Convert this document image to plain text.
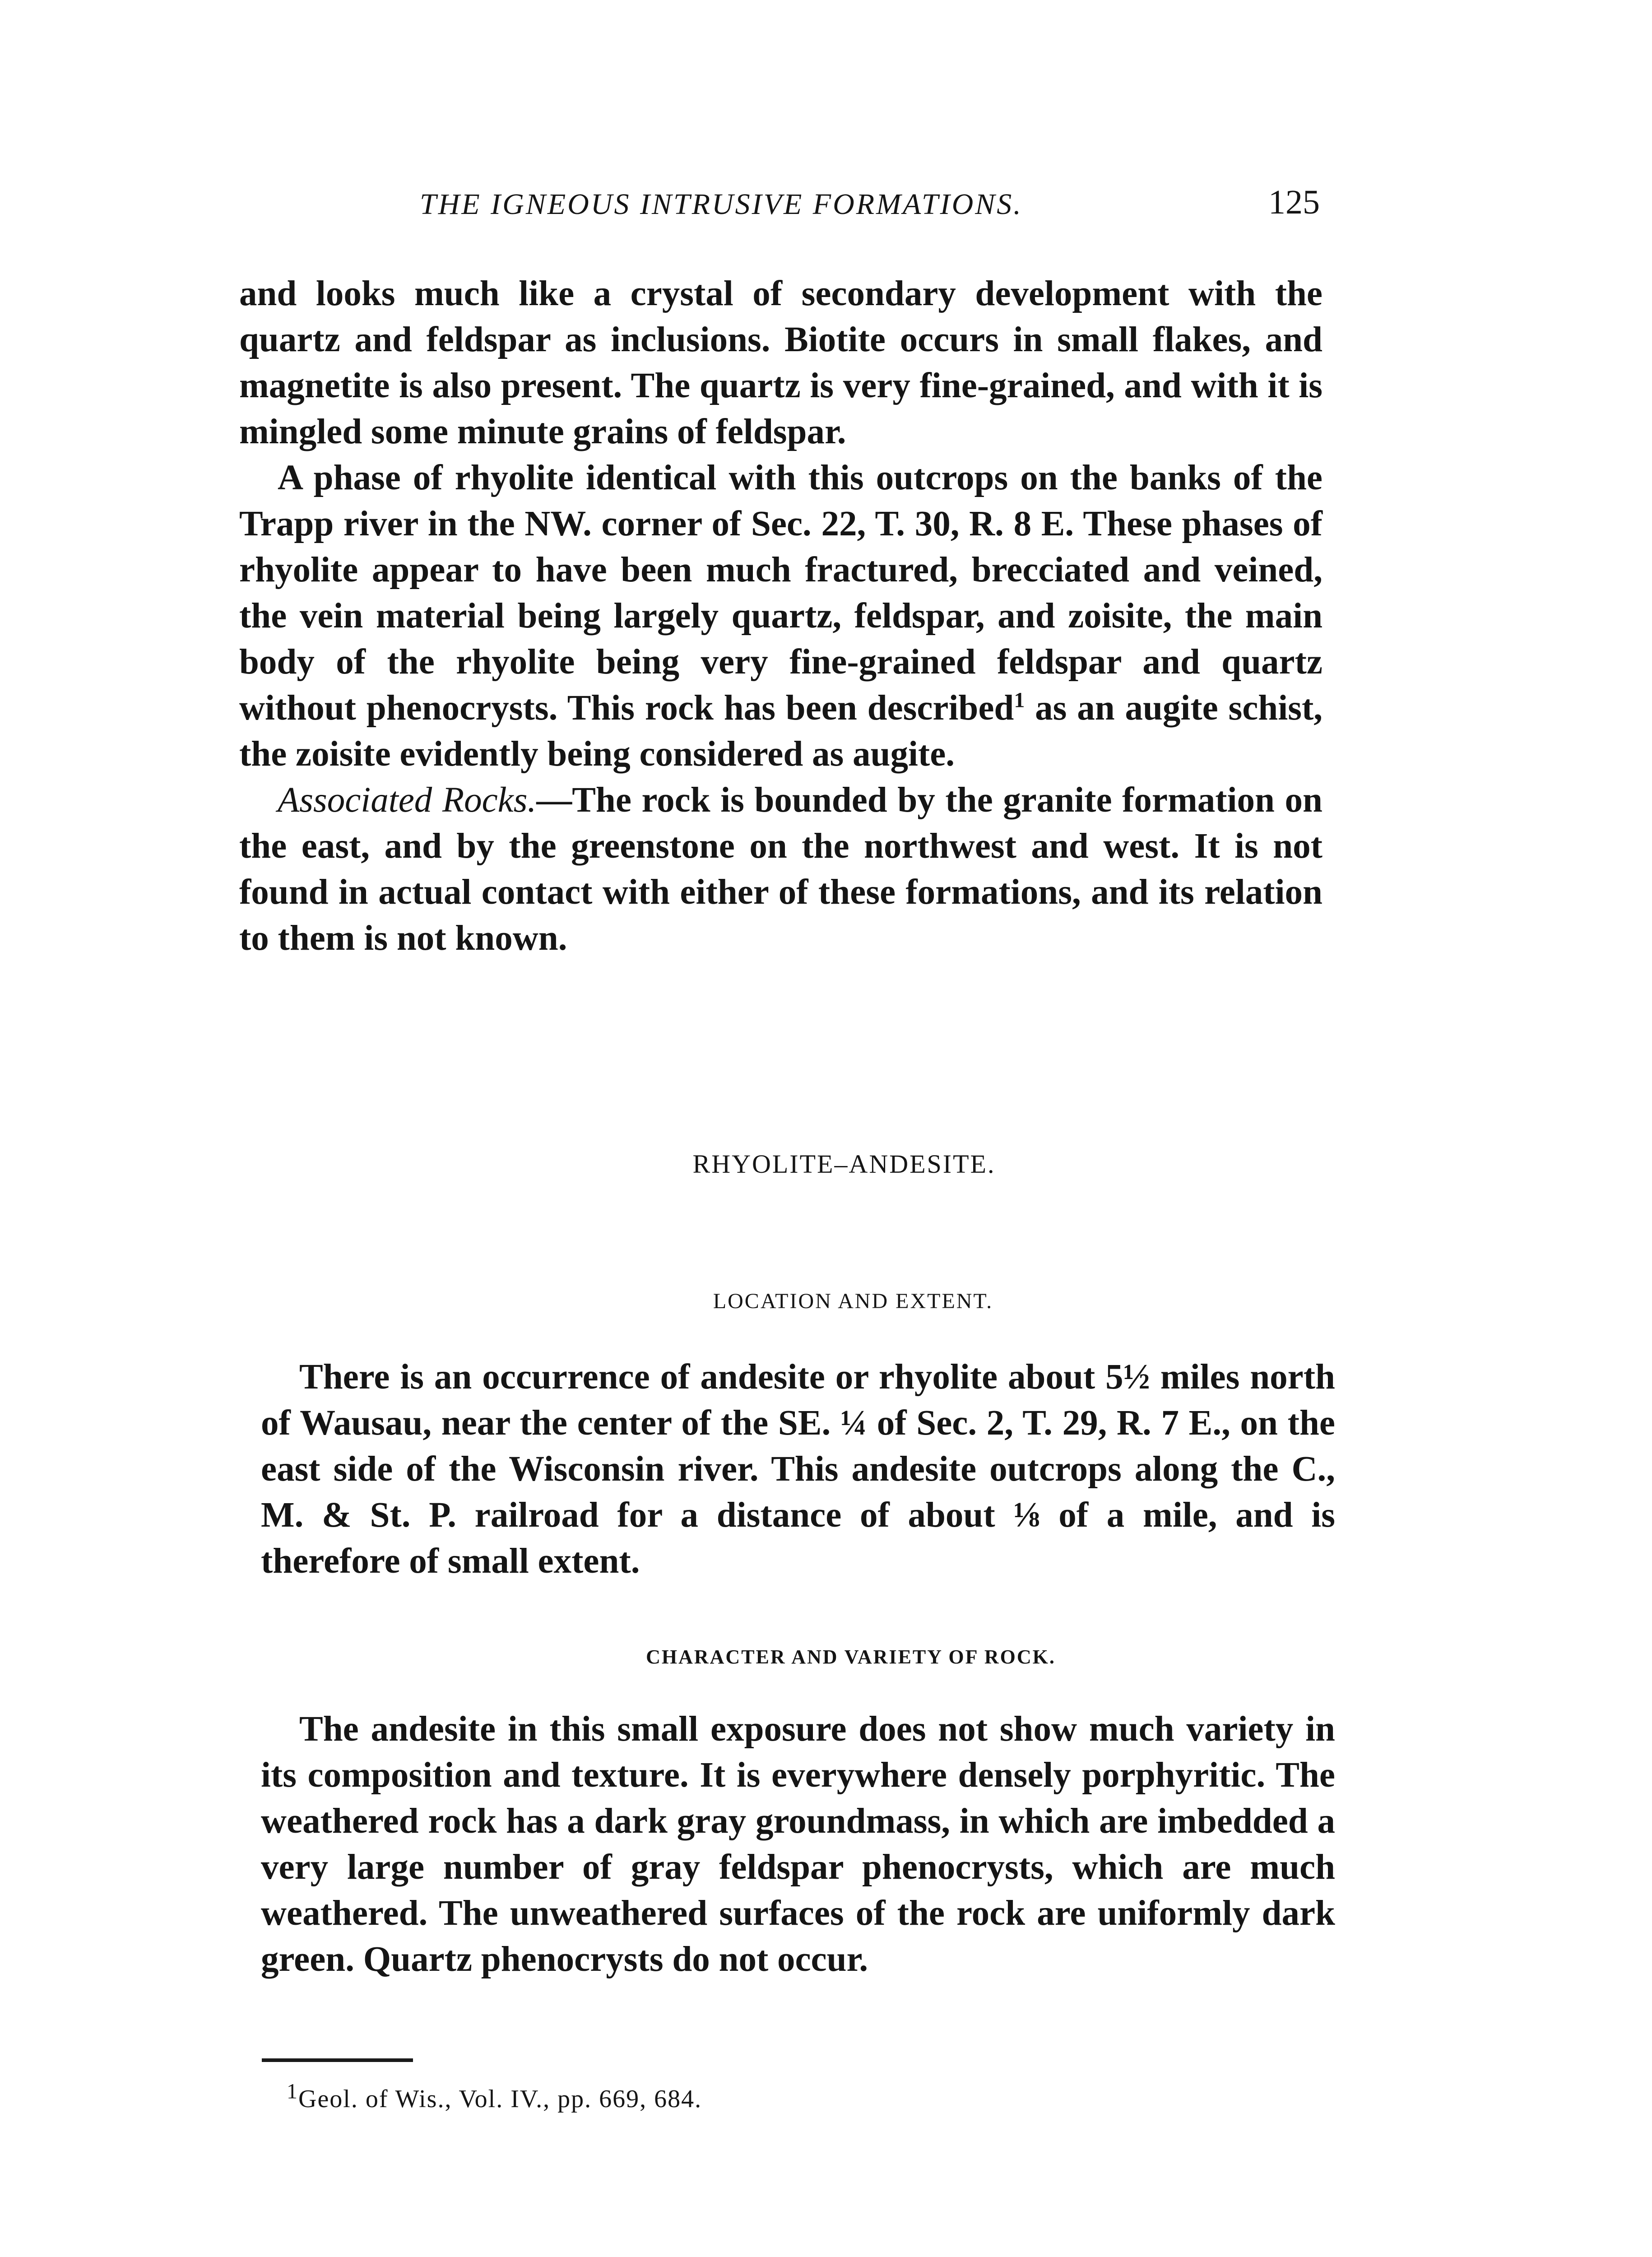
THE IGNEOUS INTRUSIVE FORMATIONS.	125

and looks much like a crystal of secondary development with the quartz and feldspar as inclusions. Biotite occurs in small flakes, and magnetite is also present. The quartz is very fine-grained, and with it is mingled some minute grains of feldspar.

A phase of rhyolite identical with this outcrops on the banks of the Trapp river in the NW. corner of Sec. 22, T. 30, R. 8 E. These phases of rhyolite appear to have been much fractured, brecciated and veined, the vein material being largely quartz, feldspar, and zoisite, the main body of the rhyolite being very fine-grained feldspar and quartz without phenocrysts. This rock has been described$^1$ as an augite schist, the zoisite evidently being considered as augite.

Associated Rocks.—The rock is bounded by the granite formation on the east, and by the greenstone on the northwest and west. It is not found in actual contact with either of these formations, and its relation to them is not known.

RHYOLITE–ANDESITE.
LOCATION AND EXTENT.

There is an occurrence of andesite or rhyolite about 5½ miles north of Wausau, near the center of the SE. ¼ of Sec. 2, T. 29, R. 7 E., on the east side of the Wisconsin river. This andesite outcrops along the C., M. & St. P. railroad for a distance of about ⅛ of a mile, and is therefore of small extent.

CHARACTER AND VARIETY OF ROCK.

The andesite in this small exposure does not show much variety in its composition and texture. It is everywhere densely porphyritic. The weathered rock has a dark gray groundmass, in which are imbedded a very large number of gray feldspar phenocrysts, which are much weathered. The unweathered surfaces of the rock are uniformly dark green. Quartz phenocrysts do not occur.

$^1$Geol. of Wis., Vol. IV., pp. 669, 684.
